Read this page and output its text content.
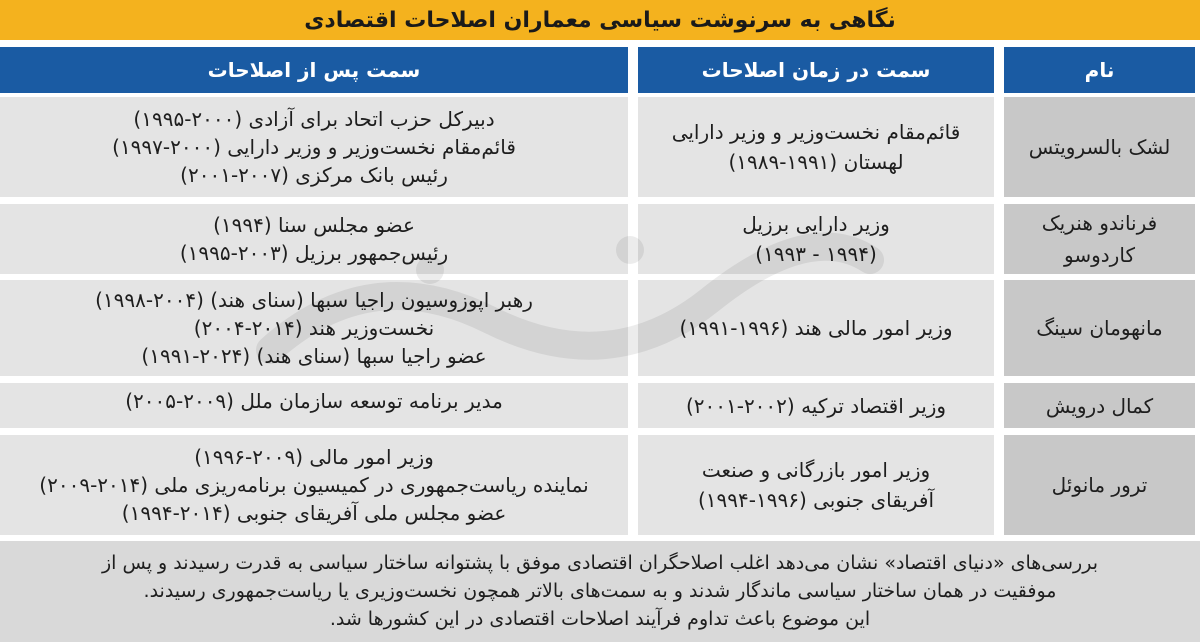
نگاهی به سرنوشت سیاسی معماران اصلاحات اقتصادی
نام
سمت در زمان اصلاحات
سمت پس از اصلاحات
لشک بالسرویتس
قائم‌مقام نخست‌وزیر و وزیر دارایی
لهستان (۱۹۹۱-۱۹۸۹)
دبیرکل حزب اتحاد برای آزادی (۲۰۰۰-۱۹۹۵)
قائم‌مقام نخست‌وزیر و وزیر دارایی (۲۰۰۰-۱۹۹۷)
رئیس بانک مرکزی (۲۰۰۷-۲۰۰۱)
فرناندو هنریک کاردوسو
وزیر دارایی برزیل
(۱۹۹۴ - ۱۹۹۳)
عضو مجلس سنا (۱۹۹۴)
رئیس‌جمهور برزیل (۲۰۰۳-۱۹۹۵)
مانهومان سینگ
وزیر امور مالی هند (۱۹۹۶-۱۹۹۱)
رهبر اپوزوسیون راجیا سبها (سنای هند) (۲۰۰۴-۱۹۹۸)
نخست‌وزیر هند (۲۰۱۴-۲۰۰۴)
عضو راجیا سبها (سنای هند) (۲۰۲۴-۱۹۹۱)
کمال درویش
وزیر اقتصاد ترکیه (۲۰۰۲-۲۰۰۱)
مدیر برنامه توسعه سازمان ملل (۲۰۰۹-۲۰۰۵)
ترور مانوئل
وزیر امور بازرگانی و صنعت
آفریقای جنوبی (۱۹۹۶-۱۹۹۴)
وزیر امور مالی (۲۰۰۹-۱۹۹۶)
نماینده ریاست‌جمهوری در کمیسیون برنامه‌ریزی ملی (۲۰۱۴-۲۰۰۹)
عضو مجلس ملی آفریقای جنوبی (۲۰۱۴-۱۹۹۴)
بررسی‌های «دنیای اقتصاد» نشان می‌دهد اغلب اصلاحگران اقتصادی موفق با پشتوانه ساختار سیاسی به قدرت رسیدند و پس از
موفقیت در همان ساختار سیاسی ماندگار شدند و به سمت‌های بالاتر همچون نخست‌وزیری یا ریاست‌جمهوری رسیدند.
این موضوع باعث تداوم فرآیند اصلاحات اقتصادی در این کشورها شد.
